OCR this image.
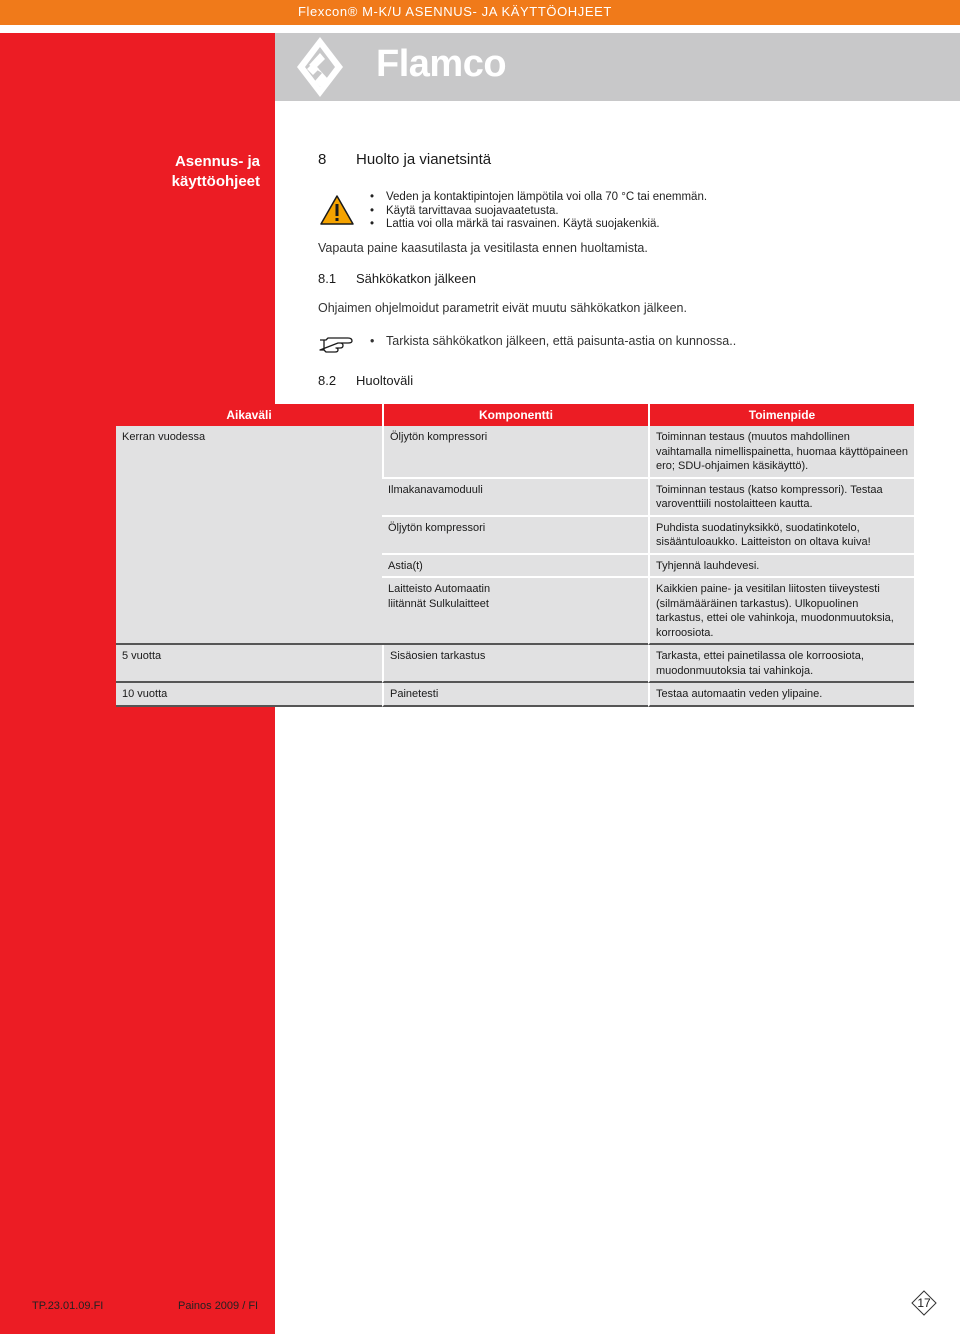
Flexcon® M-K/U ASENNUS- JA KÄYTTÖOHJEET
Flamco
Asennus- ja
käyttöohjeet
8 Huolto ja vianetsintä
• Veden ja kontaktipintojen lämpötila voi olla 70 °C tai enemmän.
• Käytä tarvittavaa suojavaatetusta.
• Lattia voi olla märkä tai rasvainen. Käytä suojakenkiä.
Vapauta paine kaasutilasta ja vesitilasta ennen huoltamista.
8.1 Sähkökatkon jälkeen
Ohjaimen ohjelmoidut parametrit eivät muutu sähkökatkon jälkeen.
• Tarkista sähkökatkon jälkeen, että paisunta-astia on kunnossa..
8.2 Huoltoväli
Aikaväli	Komponentti	Toimenpide
Kerran vuodessa	Öljytön kompressori	Toiminnan testaus (muutos mahdollinen vaihtamalla nimellispainetta, huomaa käyttöpaineen ero; SDU-ohjaimen käsikäyttö).
	Ilmakanavamoduuli	Toiminnan testaus (katso kompressori). Testaa varoventtiili nostolaitteen kautta.
	Öljytön kompressori	Puhdista suodatinyksikkö, suodatinkotelo, sisääntuloaukko. Laitteiston on oltava kuiva!
	Astia(t)	Tyhjennä lauhdevesi.

	Laitteisto Automaatin liitännät Sulkulaitteet	Kaikkien paine- ja vesitilan liitosten tiiveystesti (silmämääräinen tarkastus). Ulkopuolinen tarkastus, ettei ole vahinkoja, muodonmuutoksia, korroosiota.
5 vuotta	Sisäosien tarkastus	Tarkasta, ettei painetilassa ole korroosiota, muodonmuutoksia tai vahinkoja.
10 vuotta	Painetesti	Testaa automaatin veden ylipaine.
TP.23.01.09.FI	Painos 2009 / FI	17
